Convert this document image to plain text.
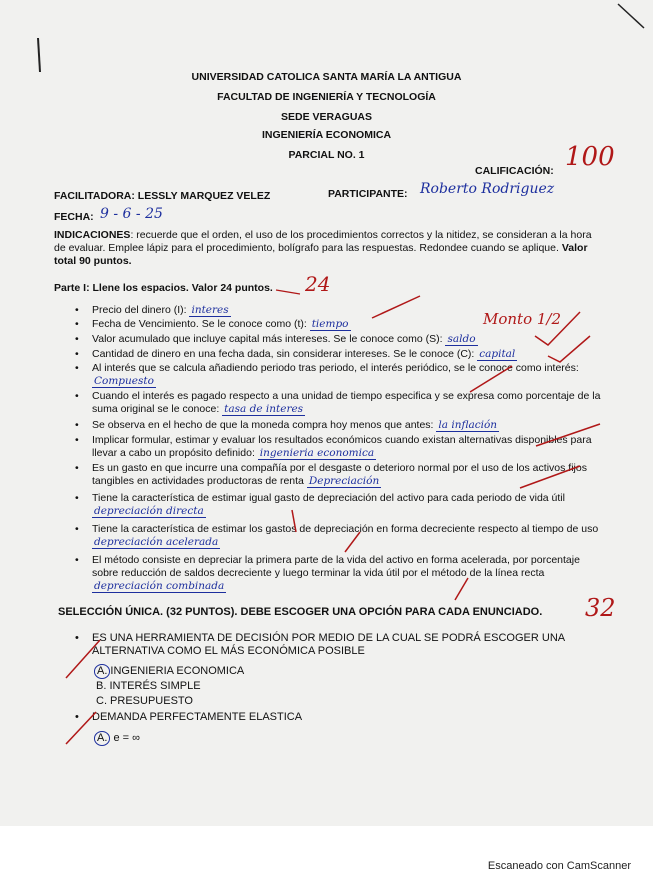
UNIVERSIDAD CATOLICA SANTA MARÍA LA ANTIGUA
FACULTAD DE INGENIERÍA Y TECNOLOGÍA
SEDE VERAGUAS
INGENIERÍA ECONOMICA
PARCIAL NO. 1
CALIFICACIÓN: 100
FACILITADORA: LESSLY MARQUEZ VELEZ	PARTICIPANTE: Roberto Rodriguez
FECHA: 9 - 6 - 25
INDICACIONES: recuerde que el orden, el uso de los procedimientos correctos y la nitidez, se consideran a la hora de evaluar. Emplee lápiz para el procedimiento, bolígrafo para las respuestas. Redondee cuando se aplique. Valor total 90 puntos.
Parte I: Llene los espacios. Valor 24 puntos. 24
Monto 1/2
• Precio del dinero (I): interes
• Fecha de Vencimiento. Se le conoce como (t): tiempo
• Valor acumulado que incluye capital más intereses. Se le conoce como (S): saldo
• Cantidad de dinero en una fecha dada, sin considerar intereses. Se le conoce (C): capital
• Al interés que se calcula añadiendo periodo tras periodo, el interés periódico, se le conoce como interés: Compuesto
• Cuando el interés es pagado respecto a una unidad de tiempo especifica y se expresa como porcentaje de la suma original se le conoce: tasa de interes
• Se observa en el hecho de que la moneda compra hoy menos que antes: la inflación
• Implicar formular, estimar y evaluar los resultados económicos cuando existan alternativas disponibles para llevar a cabo un propósito definido: ingenieria economica
• Es un gasto en que incurre una compañía por el desgaste o deterioro normal por el uso de los activos fijos tangibles en actividades productoras de renta Depreciación
• Tiene la característica de estimar igual gasto de depreciación del activo para cada periodo de vida útil depreciación directa
• Tiene la característica de estimar los gastos de depreciación en forma decreciente respecto al tiempo de uso depreciación acelerada
• El método consiste en depreciar la primera parte de la vida del activo en forma acelerada, por porcentaje sobre reducción de saldos decreciente y luego terminar la vida útil por el método de la línea recta depreciación combinada
SELECCIÓN ÚNICA. (32 PUNTOS). DEBE ESCOGER UNA OPCIÓN PARA CADA ENUNCIADO. 32
• ES UNA HERRAMIENTA DE DECISIÓN POR MEDIO DE LA CUAL SE PODRÁ ESCOGER UNA ALTERNATIVA COMO EL MÁS ECONÓMICA POSIBLE
A. INGENIERIA ECONOMICA
B. INTERÉS SIMPLE
C. PRESUPUESTO
• DEMANDA PERFECTAMENTE ELASTICA
A. e = ∞
Escaneado con CamScanner
